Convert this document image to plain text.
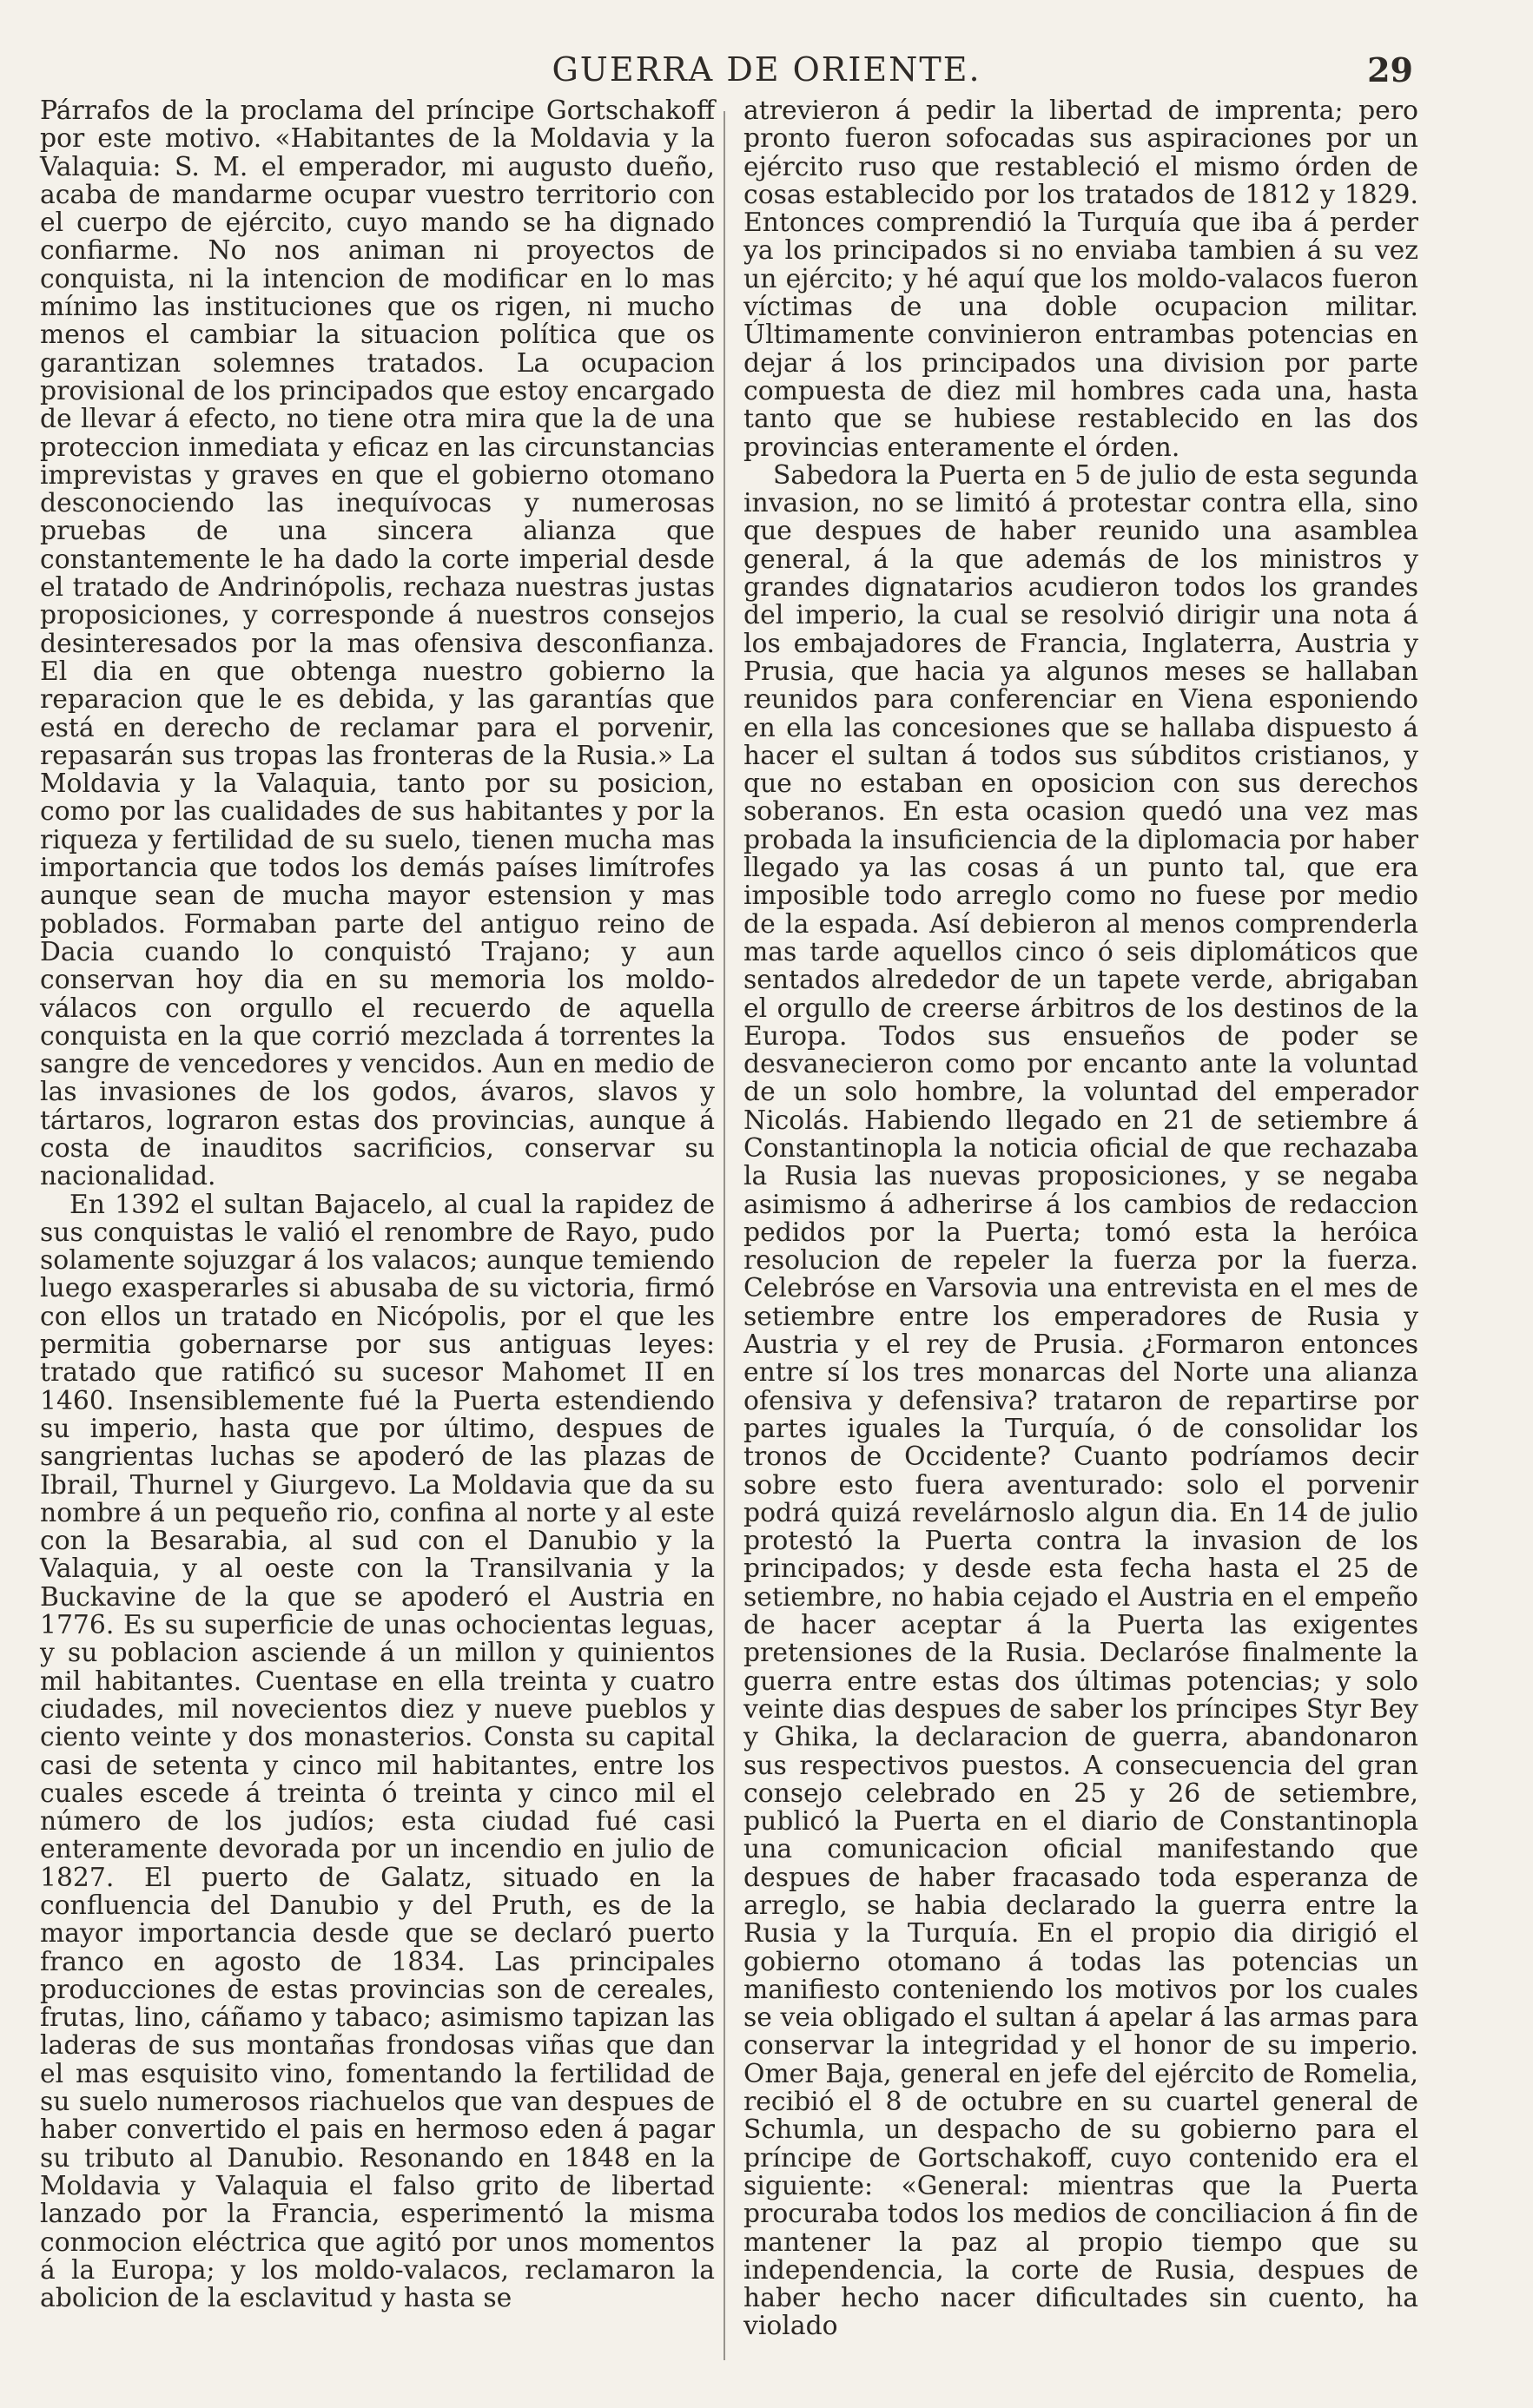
GUERRA DE ORIENTE.	29

Párrafos de la proclama del príncipe Gortschakoff por este motivo. «Habitantes de la Moldavia y la Valaquia: S. M. el emperador, mi augusto dueño, acaba de mandarme ocupar vuestro territorio con el cuerpo de ejército, cuyo mando se ha dignado confiarme. No nos animan ni proyectos de conquista, ni la intencion de modificar en lo mas mínimo las instituciones que os rigen, ni mucho menos el cambiar la situacion política que os garantizan solemnes tratados. La ocupacion provisional de los principados que estoy encargado de llevar á efecto, no tiene otra mira que la de una proteccion inmediata y eficaz en las circunstancias imprevistas y graves en que el gobierno otomano desconociendo las inequívocas y numerosas pruebas de una sincera alianza que constantemente le ha dado la corte imperial desde el tratado de Andrinópolis, rechaza nuestras justas proposiciones, y corresponde á nuestros consejos desinteresados por la mas ofensiva desconfianza. El dia en que obtenga nuestro gobierno la reparacion que le es debida, y las garantías que está en derecho de reclamar para el porvenir, repasarán sus tropas las fronteras de la Rusia.» La Moldavia y la Valaquia, tanto por su posicion, como por las cualidades de sus habitantes y por la riqueza y fertilidad de su suelo, tienen mucha mas importancia que todos los demás países limítrofes aunque sean de mucha mayor estension y mas poblados. Formaban parte del antiguo reino de Dacia cuando lo conquistó Trajano; y aun conservan hoy dia en su memoria los moldo-válacos con orgullo el recuerdo de aquella conquista en la que corrió mezclada á torrentes la sangre de vencedores y vencidos. Aun en medio de las invasiones de los godos, ávaros, slavos y tártaros, lograron estas dos provincias, aunque á costa de inauditos sacrificios, conservar su nacionalidad.

En 1392 el sultan Bajacelo, al cual la rapidez de sus conquistas le valió el renombre de Rayo, pudo solamente sojuzgar á los valacos; aunque temiendo luego exasperarles si abusaba de su victoria, firmó con ellos un tratado en Nicópolis, por el que les permitia gobernarse por sus antiguas leyes: tratado que ratificó su sucesor Mahomet II en 1460. Insensiblemente fué la Puerta estendiendo su imperio, hasta que por último, despues de sangrientas luchas se apoderó de las plazas de Ibrail, Thurnel y Giurgevo. La Moldavia que da su nombre á un pequeño rio, confina al norte y al este con la Besarabia, al sud con el Danubio y la Valaquia, y al oeste con la Transilvania y la Buckavine de la que se apoderó el Austria en 1776. Es su superficie de unas ochocientas leguas, y su poblacion asciende á un millon y quinientos mil habitantes. Cuentase en ella treinta y cuatro ciudades, mil novecientos diez y nueve pueblos y ciento veinte y dos monasterios. Consta su capital casi de setenta y cinco mil habitantes, entre los cuales escede á treinta ó treinta y cinco mil el número de los judíos; esta ciudad fué casi enteramente devorada por un incendio en julio de 1827. El puerto de Galatz, situado en la confluencia del Danubio y del Pruth, es de la mayor importancia desde que se declaró puerto franco en agosto de 1834. Las principales producciones de estas provincias son de cereales, frutas, lino, cáñamo y tabaco; asimismo tapizan las laderas de sus montañas frondosas viñas que dan el mas esquisito vino, fomentando la fertilidad de su suelo numerosos riachuelos que van despues de haber convertido el pais en hermoso eden á pagar su tributo al Danubio. Resonando en 1848 en la Moldavia y Valaquia el falso grito de libertad lanzado por la Francia, esperimentó la misma conmocion eléctrica que agitó por unos momentos á la Europa; y los moldo-valacos, reclamaron la abolicion de la esclavitud y hasta se

atrevieron á pedir la libertad de imprenta; pero pronto fueron sofocadas sus aspiraciones por un ejército ruso que restableció el mismo órden de cosas establecido por los tratados de 1812 y 1829. Entonces comprendió la Turquía que iba á perder ya los principados si no enviaba tambien á su vez un ejército; y hé aquí que los moldo-valacos fueron víctimas de una doble ocupacion militar. Últimamente convinieron entrambas potencias en dejar á los principados una division por parte compuesta de diez mil hombres cada una, hasta tanto que se hubiese restablecido en las dos provincias enteramente el órden.

Sabedora la Puerta en 5 de julio de esta segunda invasion, no se limitó á protestar contra ella, sino que despues de haber reunido una asamblea general, á la que además de los ministros y grandes dignatarios acudieron todos los grandes del imperio, la cual se resolvió dirigir una nota á los embajadores de Francia, Inglaterra, Austria y Prusia, que hacia ya algunos meses se hallaban reunidos para conferenciar en Viena esponiendo en ella las concesiones que se hallaba dispuesto á hacer el sultan á todos sus súbditos cristianos, y que no estaban en oposicion con sus derechos soberanos. En esta ocasion quedó una vez mas probada la insuficiencia de la diplomacia por haber llegado ya las cosas á un punto tal, que era imposible todo arreglo como no fuese por medio de la espada. Así debieron al menos comprenderla mas tarde aquellos cinco ó seis diplomáticos que sentados alrededor de un tapete verde, abrigaban el orgullo de creerse árbitros de los destinos de la Europa. Todos sus ensueños de poder se desvanecieron como por encanto ante la voluntad de un solo hombre, la voluntad del emperador Nicolás. Habiendo llegado en 21 de setiembre á Constantinopla la noticia oficial de que rechazaba la Rusia las nuevas proposiciones, y se negaba asimismo á adherirse á los cambios de redaccion pedidos por la Puerta; tomó esta la heróica resolucion de repeler la fuerza por la fuerza. Celebróse en Varsovia una entrevista en el mes de setiembre entre los emperadores de Rusia y Austria y el rey de Prusia. ¿Formaron entonces entre sí los tres monarcas del Norte una alianza ofensiva y defensiva? trataron de repartirse por partes iguales la Turquía, ó de consolidar los tronos de Occidente? Cuanto podríamos decir sobre esto fuera aventurado: solo el porvenir podrá quizá revelárnoslo algun dia. En 14 de julio protestó la Puerta contra la invasion de los principados; y desde esta fecha hasta el 25 de setiembre, no habia cejado el Austria en el empeño de hacer aceptar á la Puerta las exigentes pretensiones de la Rusia. Declaróse finalmente la guerra entre estas dos últimas potencias; y solo veinte dias despues de saber los príncipes Styr Bey y Ghika, la declaracion de guerra, abandonaron sus respectivos puestos. A consecuencia del gran consejo celebrado en 25 y 26 de setiembre, publicó la Puerta en el diario de Constantinopla una comunicacion oficial manifestando que despues de haber fracasado toda esperanza de arreglo, se habia declarado la guerra entre la Rusia y la Turquía. En el propio dia dirigió el gobierno otomano á todas las potencias un manifiesto conteniendo los motivos por los cuales se veia obligado el sultan á apelar á las armas para conservar la integridad y el honor de su imperio. Omer Baja, general en jefe del ejército de Romelia, recibió el 8 de octubre en su cuartel general de Schumla, un despacho de su gobierno para el príncipe de Gortschakoff, cuyo contenido era el siguiente: «General: mientras que la Puerta procuraba todos los medios de conciliacion á fin de mantener la paz al propio tiempo que su independencia, la corte de Rusia, despues de haber hecho nacer dificultades sin cuento, ha violado
